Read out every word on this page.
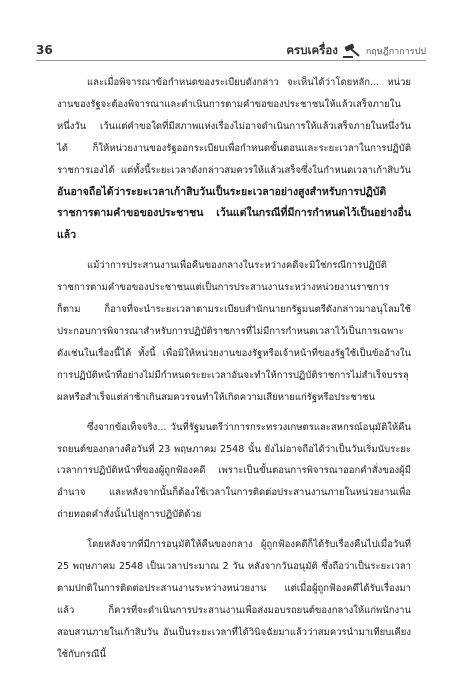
36	ครบเครื่อง	กฤษฎีกาการปป

และเมื่อพิจารณาข้อกำหนดของระเบียบดังกล่าว จะเห็นได้ว่าโดยหลัก... หน่วยงานของรัฐจะต้องพิจารณาและดำเนินการตามคำขอของประชาชนให้แล้วเสร็จภายในหนึ่งวัน เว้นแต่คำขอใดที่มีสภาพแห่งเรื่องไม่อาจดำเนินการให้แล้วเสร็จภายในหนึ่งวันได้ ก็ให้หน่วยงานของรัฐออกระเบียบเพื่อกำหนดขั้นตอนและระยะเวลาในการปฏิบัติราชการเองได้ แต่ทั้งนี้ระยะเวลาดังกล่าวสมควรให้แล้วเสร็จซึ่งในกำหนดเวลาเก้าสิบวัน อันอาจถือได้ว่าระยะเวลาเก้าสิบวันเป็นระยะเวลาอย่างสูงสำหรับการปฏิบัติราชการตามคำขอของประชาชน เว้นแต่ในกรณีที่มีการกำหนดไว้เป็นอย่างอื่นแล้ว

แม้ว่าการประสานงานเพื่อคืนของกลางในระหว่างคดีจะมิใช่กรณีการปฏิบัติราชการตามคำขอของประชาชนแต่เป็นการประสานงานระหว่างหน่วยงานราชการก็ตาม ก็อาจที่จะนำระยะเวลาตามระเบียบสำนักนายกรัฐมนตรีดังกล่าวมาอนุโลมใช้ประกอบการพิจารณาสำหรับการปฏิบัติราชการที่ไม่มีการกำหนดเวลาไว้เป็นการเฉพาะดังเช่นในเรื่องนี้ได้ ทั้งนี้ เพื่อมิให้หน่วยงานของรัฐหรือเจ้าหน้าที่ของรัฐใช้เป็นข้ออ้างในการปฏิบัติหน้าที่อย่างไม่มีกำหนดระยะเวลาอันจะทำให้การปฏิบัติราชการไม่สำเร็จบรรลุผลหรือสำเร็จแต่ล่าช้าเกินสมควรจนทำให้เกิดความเสียหายแก่รัฐหรือประชาชน

ซึ่งจากข้อเท็จจริง... วันที่รัฐมนตรีว่าการกระทรวงเกษตรและสหกรณ์อนุมัติให้คืนรถยนต์ของกลางคือวันที่ 23 พฤษภาคม 2548 นั้น ยังไม่อาจถือได้ว่าเป็นวันเริ่มนับระยะเวลาการปฏิบัติหน้าที่ของผู้ถูกฟ้องคดี เพราะเป็นขั้นตอนการพิจารณาออกคำสั่งของผู้มีอำนาจ และหลังจากนั้นก็ต้องใช้เวลาในการติดต่อประสานงานภายในหน่วยงานเพื่อถ่ายทอดคำสั่งนั้นไปสู่การปฏิบัติด้วย

โดยหลังจากที่มีการอนุมัติให้คืนของกลาง ผู้ถูกฟ้องคดีก็ได้รับเรื่องคืนไปเมื่อวันที่ 25 พฤษภาคม 2548 เป็นเวลาประมาณ 2 วัน หลังจากวันอนุมัติ ซึ่งถือว่าเป็นระยะเวลาตามปกติในการติดต่อประสานงานระหว่างหน่วยงาน แต่เมื่อผู้ถูกฟ้องคดีได้รับเรื่องมาแล้ว ก็ควรที่จะดำเนินการประสานงานเพื่อส่งมอบรถยนต์ของกลางให้แก่พนักงานสอบสวนภายในเก้าสิบวัน อันเป็นระยะเวลาที่ได้วินิจฉัยมาแล้วว่าสมควรนำมาเทียบเคียงใช้กับกรณีนี้
